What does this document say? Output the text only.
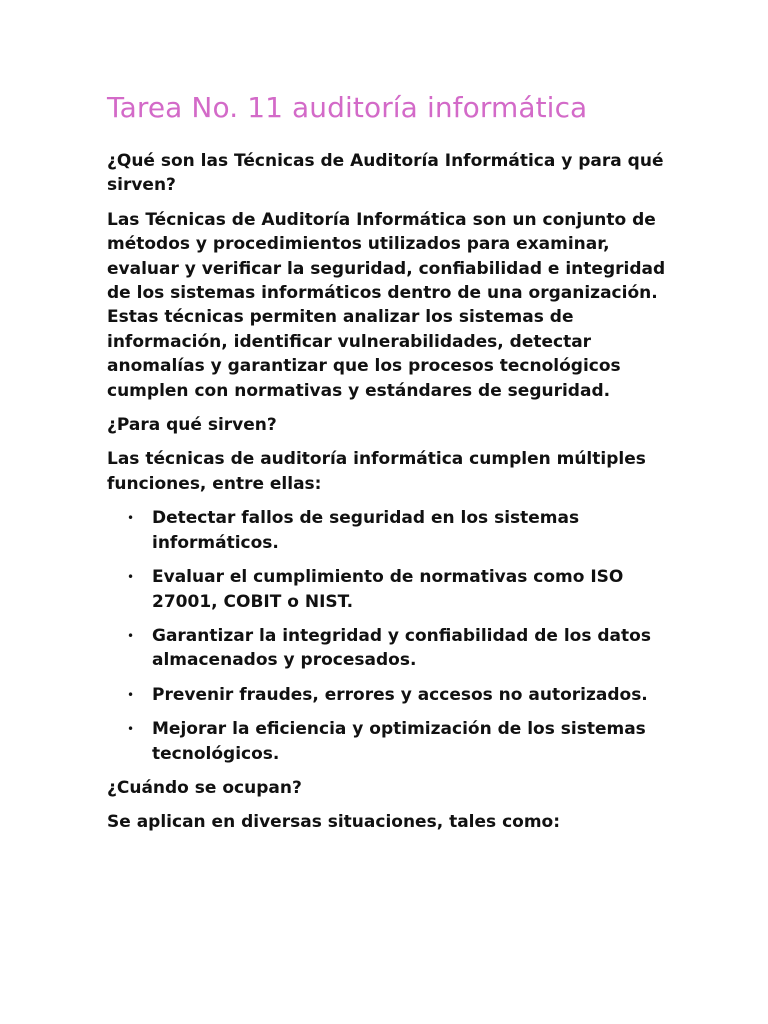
Tarea No. 11 auditoría informática

¿Qué son las Técnicas de Auditoría Informática y para qué sirven?

Las Técnicas de Auditoría Informática son un conjunto de métodos y procedimientos utilizados para examinar, evaluar y verificar la seguridad, confiabilidad e integridad de los sistemas informáticos dentro de una organización. Estas técnicas permiten analizar los sistemas de información, identificar vulnerabilidades, detectar anomalías y garantizar que los procesos tecnológicos cumplen con normativas y estándares de seguridad.

¿Para qué sirven?

Las técnicas de auditoría informática cumplen múltiples funciones, entre ellas:

• Detectar fallos de seguridad en los sistemas informáticos.
• Evaluar el cumplimiento de normativas como ISO 27001, COBIT o NIST.
• Garantizar la integridad y confiabilidad de los datos almacenados y procesados.
• Prevenir fraudes, errores y accesos no autorizados.
• Mejorar la eficiencia y optimización de los sistemas tecnológicos.

¿Cuándo se ocupan?

Se aplican en diversas situaciones, tales como:
